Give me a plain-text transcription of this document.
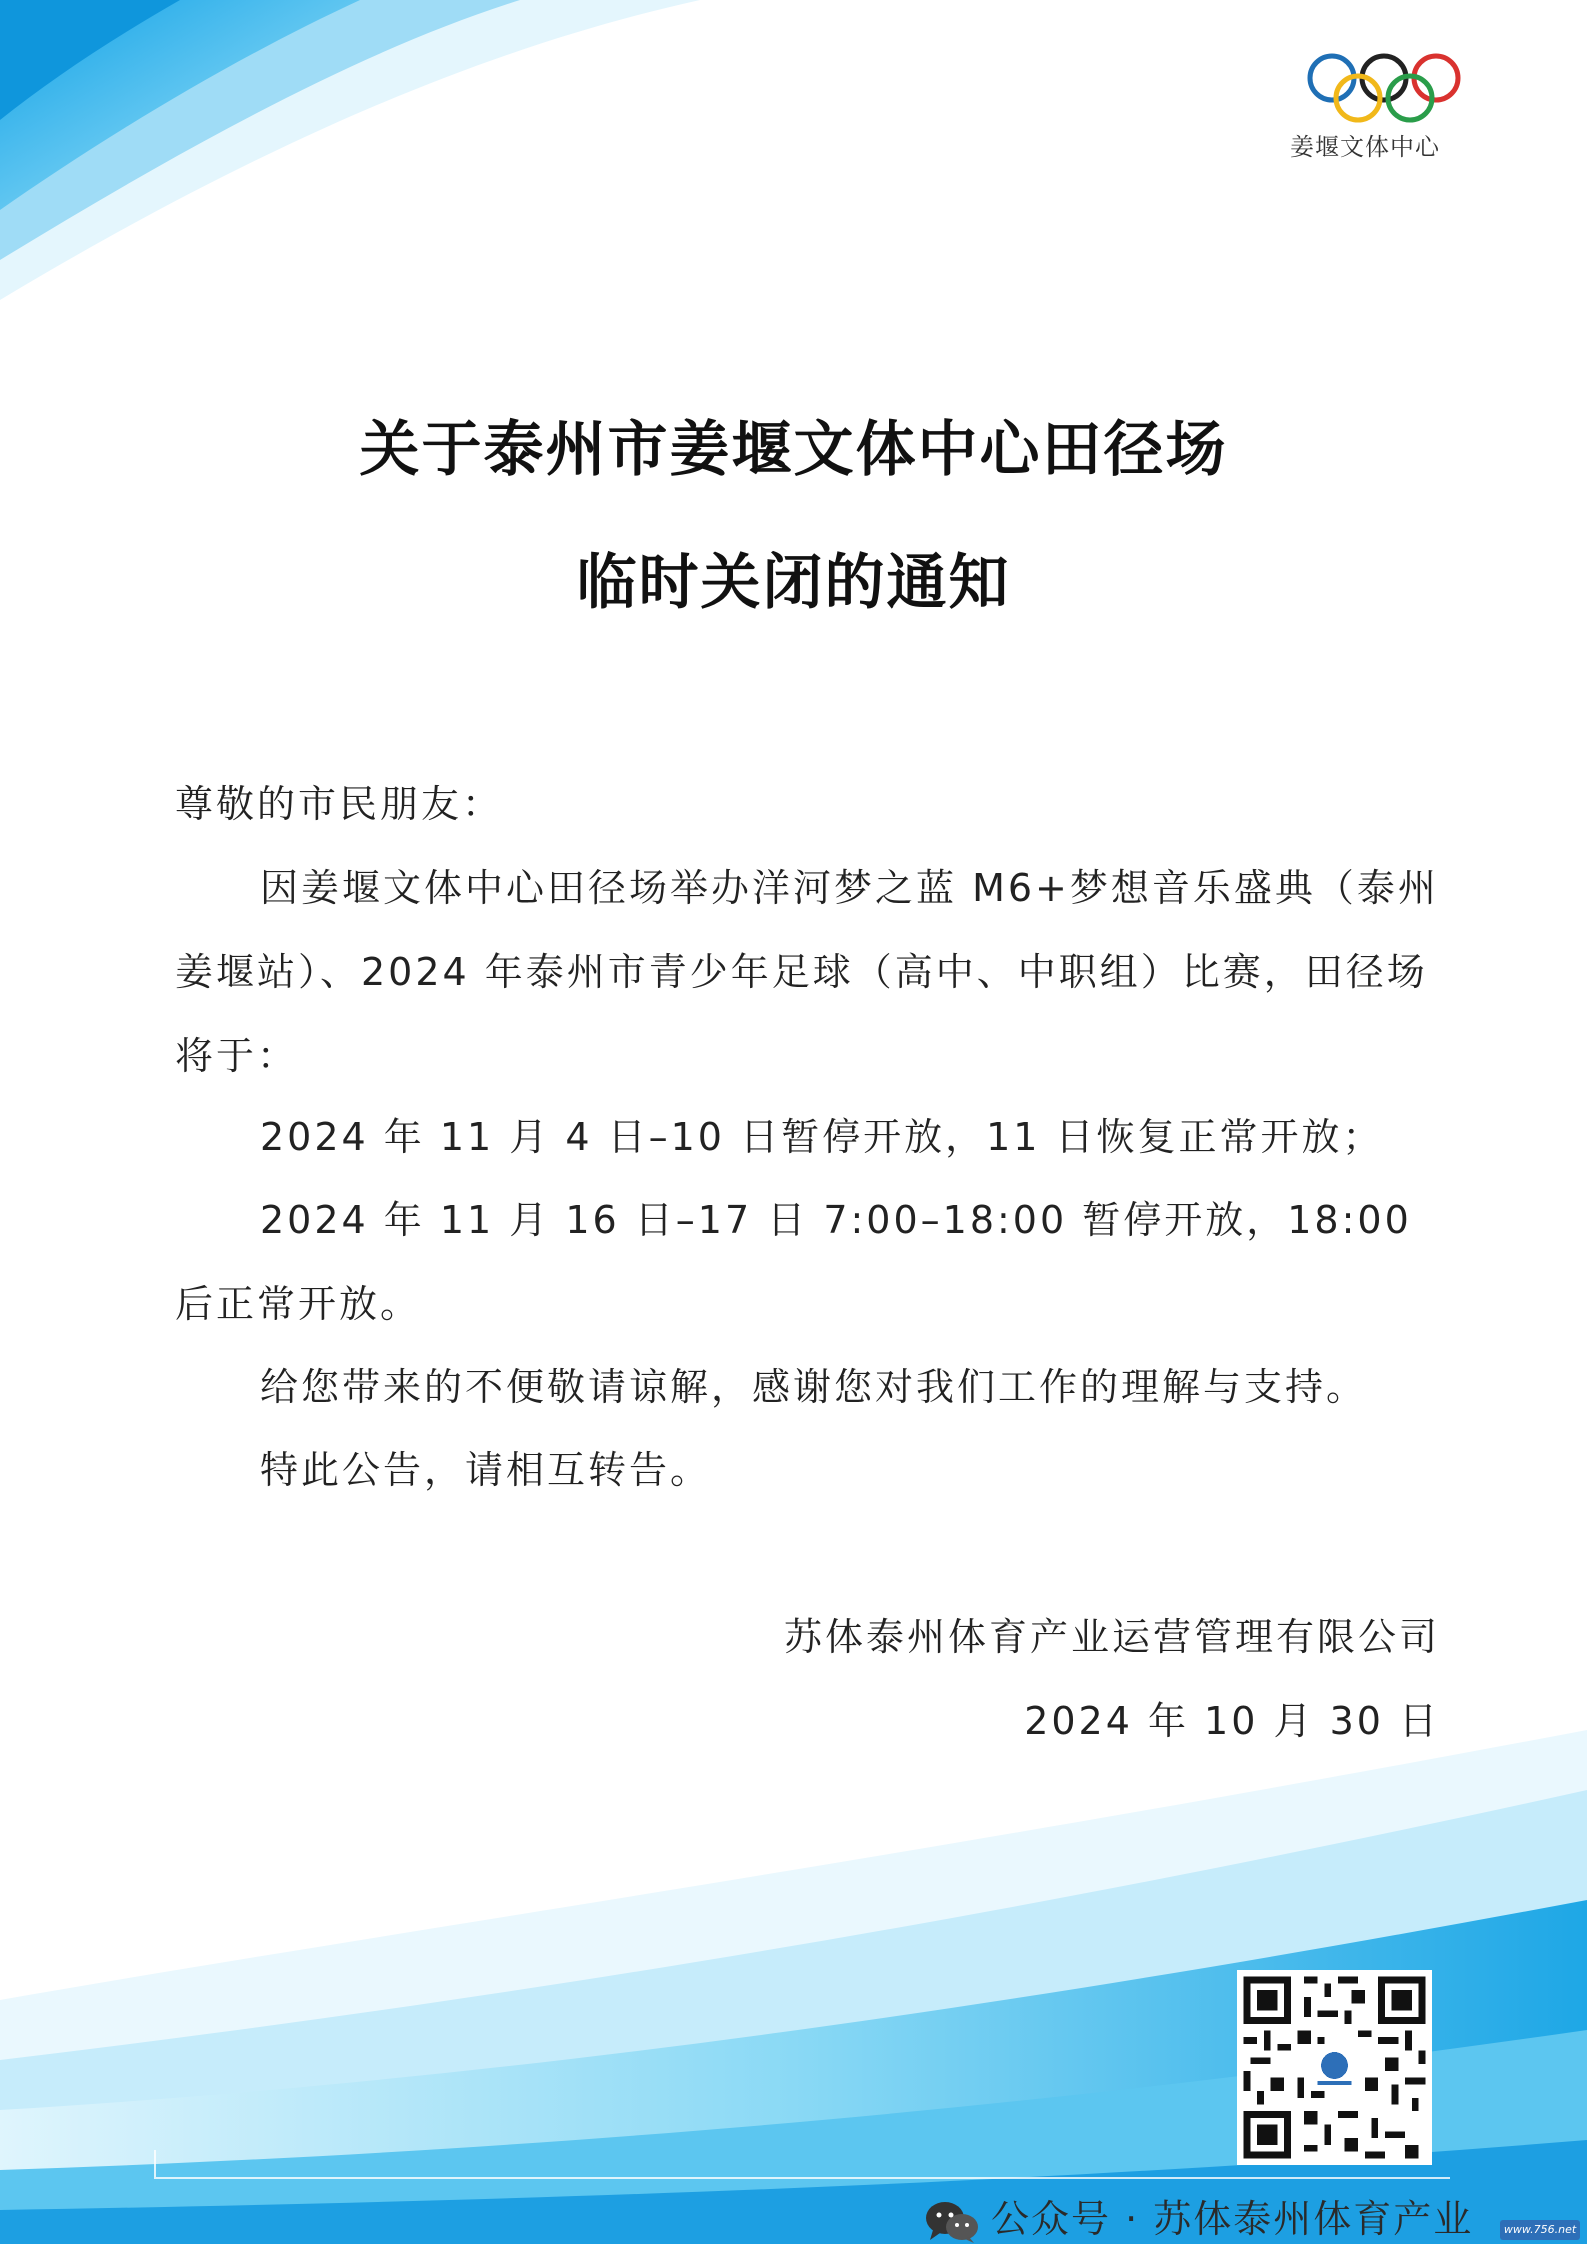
姜堰文体中心
关于泰州市姜堰文体中心田径场
临时关闭的通知

尊敬的市民朋友：

因姜堰文体中心田径场举办洋河梦之蓝 M6+梦想音乐盛典（泰州姜堰站）、2024 年泰州市青少年足球（高中、中职组）比赛，田径场将于：

2024 年 11 月 4 日–10 日暂停开放，11 日恢复正常开放；

2024 年 11 月 16 日–17 日 7:00–18:00 暂停开放，18:00 后正常开放。

给您带来的不便敬请谅解，感谢您对我们工作的理解与支持。

特此公告，请相互转告。

苏体泰州体育产业运营管理有限公司
2024 年 10 月 30 日
公众号 · 苏体泰州体育产业	www.756.net
